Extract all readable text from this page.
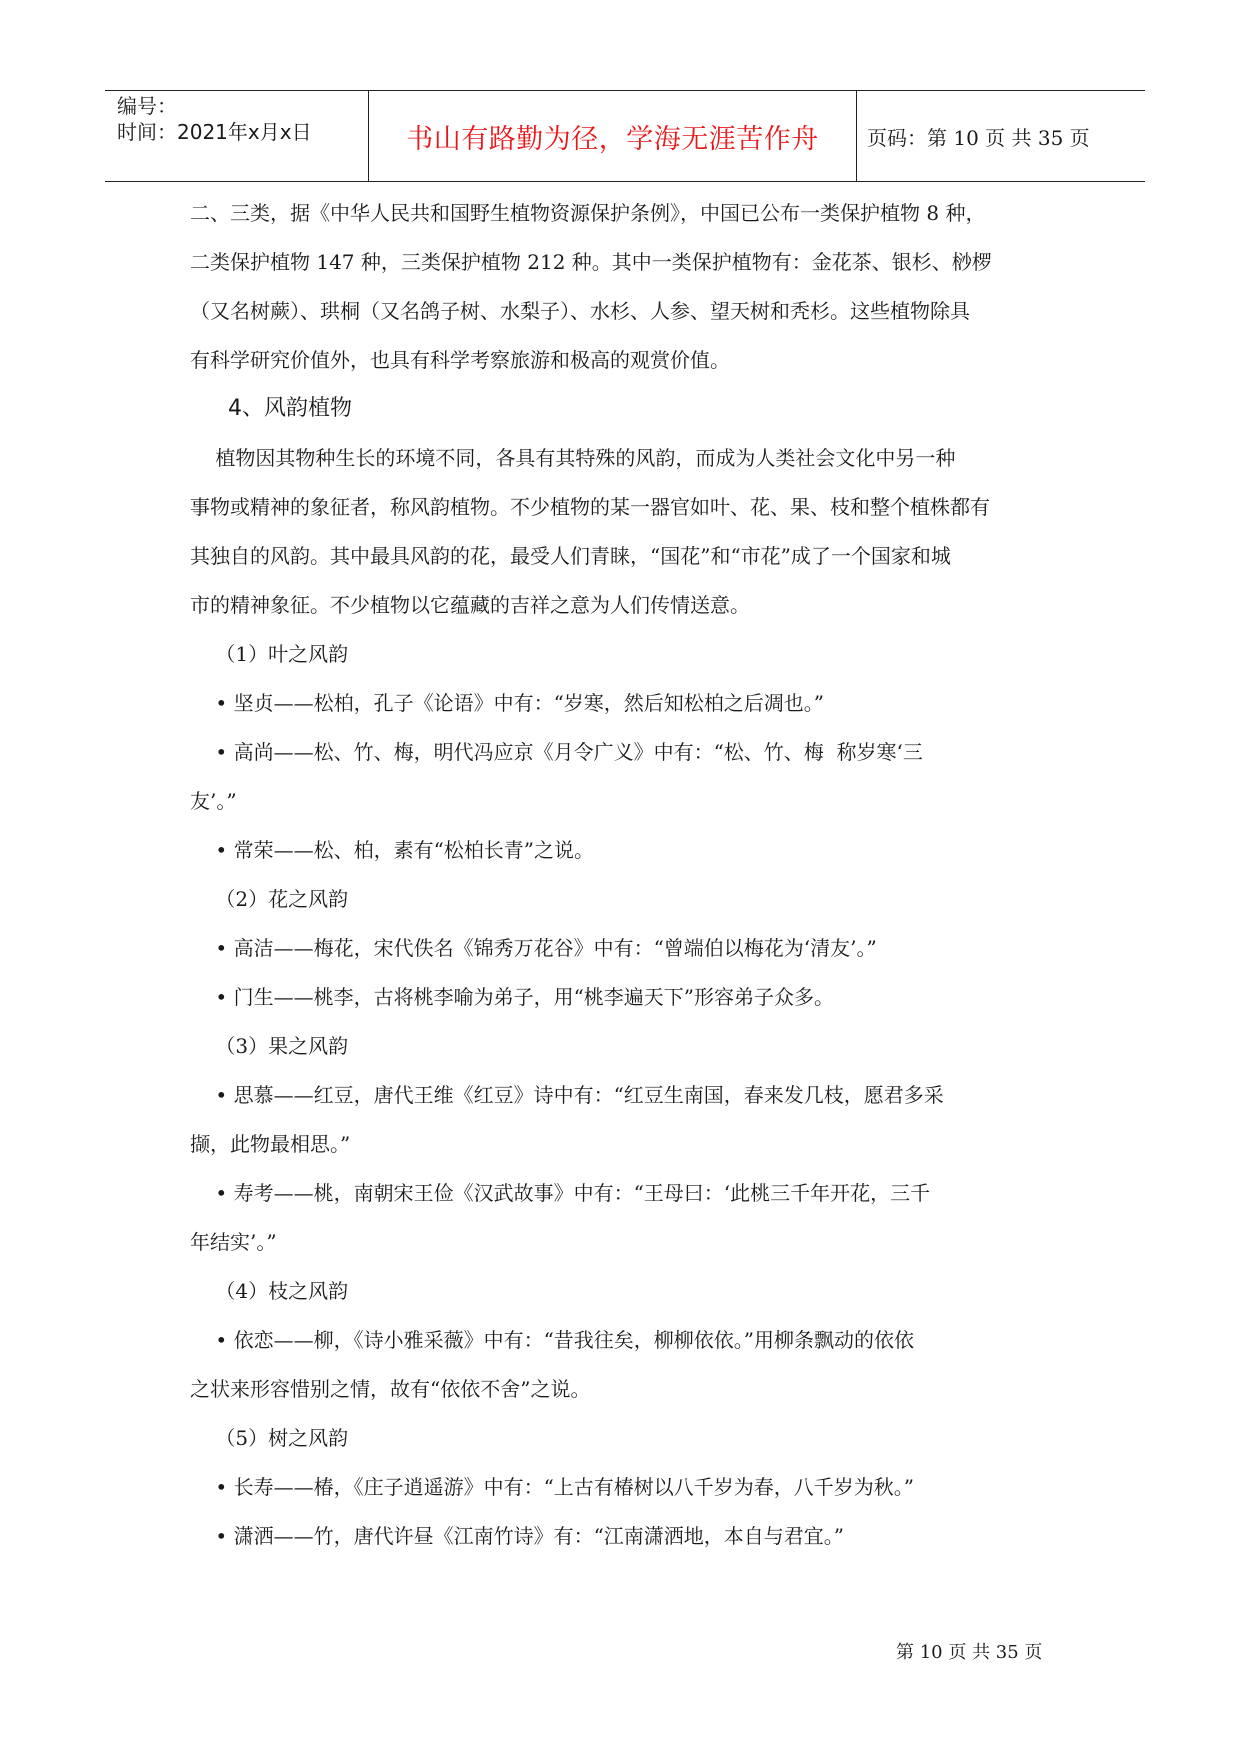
编号：
时间：2021年x月x日	书山有路勤为径，学海无涯苦作舟	页码：第 10 页 共 35 页
二、三类，据《中华人民共和国野生植物资源保护条例》，中国已公布一类保护植物 8 种，
二类保护植物 147 种，三类保护植物 212 种。其中一类保护植物有：金花茶、银杉、桫椤
（又名树蕨）、珙桐（又名鸽子树、水梨子）、水杉、人参、望天树和秃杉。这些植物除具
有科学研究价值外，也具有科学考察旅游和极高的观赏价值。
4、风韵植物
植物因其物种生长的环境不同，各具有其特殊的风韵，而成为人类社会文化中另一种
事物或精神的象征者，称风韵植物。不少植物的某一器官如叶、花、果、枝和整个植株都有
其独自的风韵。其中最具风韵的花，最受人们青睐，“国花”和“市花”成了一个国家和城
市的精神象征。不少植物以它蕴藏的吉祥之意为人们传情送意。
（1）叶之风韵
• 坚贞——松柏，孔子《论语》中有：“岁寒，然后知松柏之后凋也。”
• 高尚——松、竹、梅，明代冯应京《月令广义》中有：“松、竹、梅  称岁寒‘三
友’。”
• 常荣——松、柏，素有“松柏长青”之说。
（2）花之风韵
• 高洁——梅花，宋代佚名《锦秀万花谷》中有：“曾端伯以梅花为‘清友’。”
• 门生——桃李，古将桃李喻为弟子，用“桃李遍天下”形容弟子众多。
（3）果之风韵
• 思慕——红豆，唐代王维《红豆》诗中有：“红豆生南国，春来发几枝，愿君多采
撷，此物最相思。”
• 寿考——桃，南朝宋王俭《汉武故事》中有：“王母曰：‘此桃三千年开花，三千
年结实’。”
（4）枝之风韵
• 依恋——柳，《诗小雅采薇》中有：“昔我往矣，柳柳依依。”用柳条飘动的依依
之状来形容惜别之情，故有“依依不舍”之说。
（5）树之风韵
• 长寿——椿，《庄子逍遥游》中有：“上古有椿树以八千岁为春，八千岁为秋。”
• 潇洒——竹，唐代许昼《江南竹诗》有：“江南潇洒地，本自与君宜。”
第 10 页 共 35 页
